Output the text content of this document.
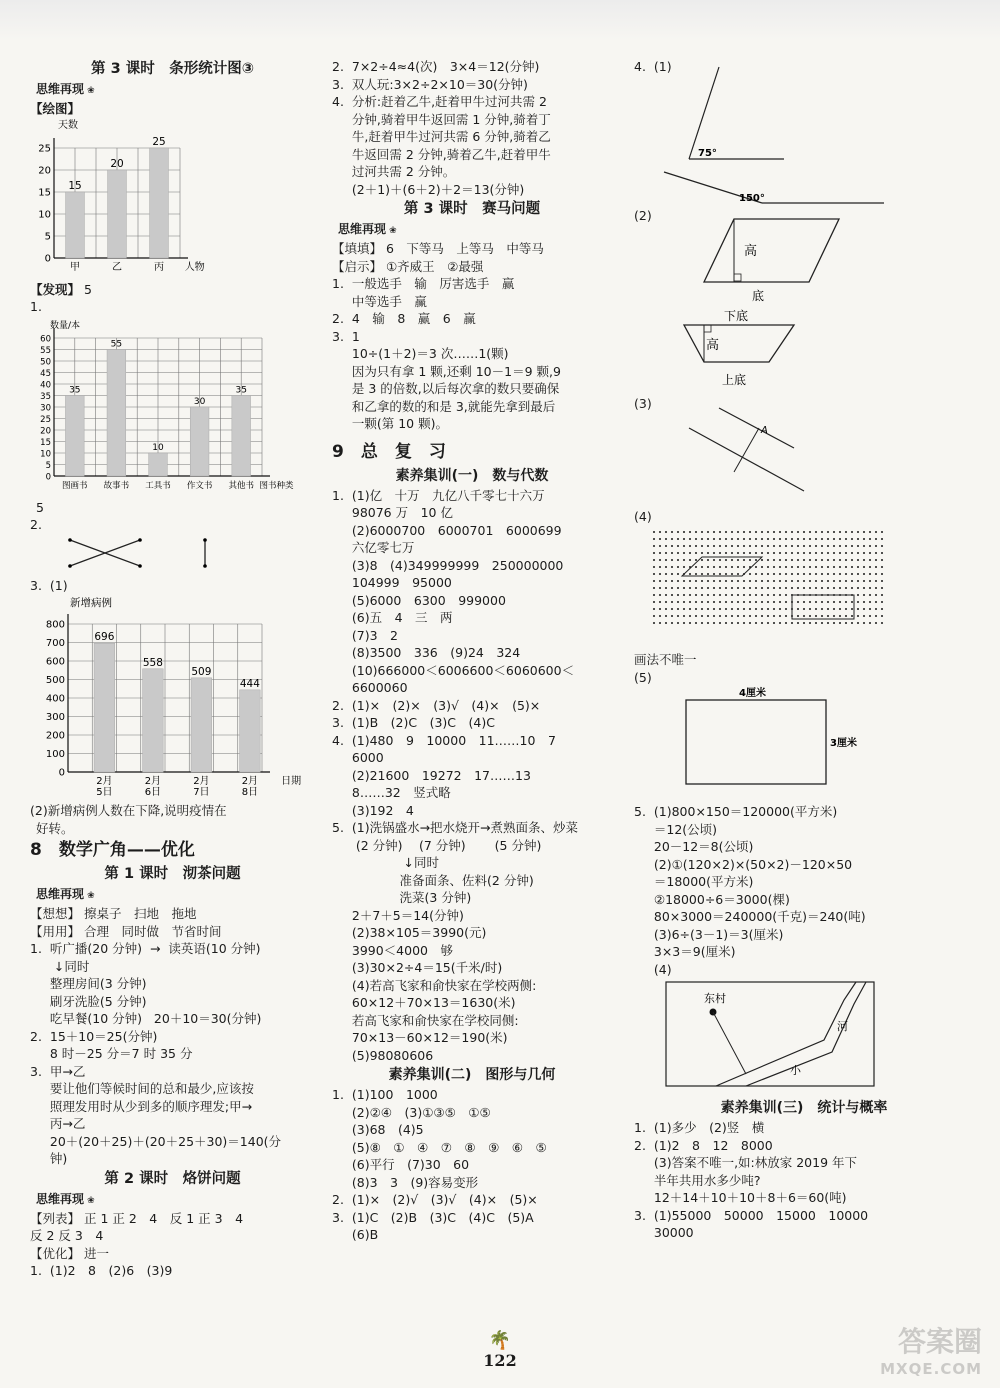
第 3 课时　条形统计图③
思维再现 ❀
【绘图】
天数
25
20
15
10
5
0
15
甲
20
乙
25
丙 人物
【发现】 5
1.
数量/本
60
55
50
45
40
35
30
25
20
15
10
5
0
35
图画书
55
故事书
10
工具书
30
作文书
35
其他书 图书种类
5
2.
3.  (1)
新增病例
800
700
600
500
400
300
200
100
0
696
2月
5日
558
2月
6日
509
2月
7日
444
2月
8日
日期
(2)新增病例人数在下降,说明疫情在
好转。
8　数学广角——优化
第 1 课时　沏茶问题
思维再现 ❀
【想想】 擦桌子　扫地　拖地
【用用】 合理　同时做　节省时间
1.  听广播(20 分钟)  →  读英语(10 分钟)
↓同时
整理房间(3 分钟)
刷牙洗脸(5 分钟)
吃早餐(10 分钟)   20＋10＝30(分钟)
2.  15＋10＝25(分钟)
8 时－25 分＝7 时 35 分
3.  甲→乙
要让他们等候时间的总和最少,应该按
照理发用时从少到多的顺序理发;甲→
丙→乙
20＋(20＋25)＋(20＋25＋30)＝140(分
钟)
第 2 课时　烙饼问题
思维再现 ❀
【列表】 正 1 正 2　4　反 1 正 3　4
反 2 反 3　4
【优化】 进一
1.  (1)2　8　(2)6　(3)9
2.  7×2÷4≈4(次)　3×4＝12(分钟)
3.  双人玩:3×2÷2×10＝30(分钟)
4.  分析:赶着乙牛,赶着甲牛过河共需 2
分钟,骑着甲牛返回需 1 分钟,骑着丁
牛,赶着甲牛过河共需 6 分钟,骑着乙
牛返回需 2 分钟,骑着乙牛,赶着甲牛
过河共需 2 分钟。
(2＋1)＋(6＋2)＋2＝13(分钟)
第 3 课时　赛马问题
思维再现 ❀
【填填】 6　下等马　上等马　中等马
【启示】 ①齐威王　②最强
1.  一般选手　输　厉害选手　赢
中等选手　赢
2.  4　输　8　赢　6　赢
3.  1
10÷(1＋2)＝3 次……1(颗)
因为只有拿 1 颗,还剩 10－1＝9 颗,9
是 3 的倍数,以后每次拿的数只要确保
和乙拿的数的和是 3,就能先拿到最后
一颗(第 10 颗)。
9　总　复　习
素养集训(一)　数与代数
1.  (1)亿　十万　九亿八千零七十六万
98076 万　10 亿
(2)6000700　6000701　6000699
六亿零七万
(3)8　(4)349999999　250000000
104999　95000
(5)6000　6300　999000
(6)五　4　三　两
(7)3　2
(8)3500　336　(9)24　324
(10)666000＜6006600＜6060600＜
6600060
2.  (1)×　(2)×　(3)√　(4)×　(5)×
3.  (1)B　(2)C　(3)C　(4)C
4.  (1)480　9　10000　11……10　7
6000
(2)21600　19272　17……13
8……32　竖式略
(3)192　4
5.  (1)洗锅盛水→把水烧开→煮熟面条、炒菜
(2 分钟)　 (7 分钟)　　 (5 分钟)
↓同时
准备面条、佐料(2 分钟)
洗菜(3 分钟)
2＋7＋5＝14(分钟)
(2)38×105＝3990(元)
3990＜4000　够
(3)30×2÷4＝15(千米/时)
(4)若高飞家和俞快家在学校两侧:
60×12＋70×13＝1630(米)
若高飞家和俞快家在学校同侧:
70×13－60×12＝190(米)
(5)98080606
素养集训(二)　图形与几何
1.  (1)100　1000
(2)②④　(3)①③⑤　①⑤
(3)68　(4)5
(5)⑧　①　④　⑦　⑧　⑨　⑥　⑤
(6)平行　(7)30　60
(8)3　3　(9)容易变形
2.  (1)×　(2)√　(3)√　(4)×　(5)×
3.  (1)C　(2)B　(3)C　(4)C　(5)A
(6)B
4.  (1)
75°
150°
(2)
高
底
下底
高
上底
(3)
A
(4)
画法不唯一
(5)
4厘米
3厘米
5.  (1)800×150＝120000(平方米)
＝12(公顷)
20－12＝8(公顷)
(2)①(120×2)×(50×2)－120×50
＝18000(平方米)
②18000÷6＝3000(棵)
80×3000＝240000(千克)＝240(吨)
(3)6÷(3－1)＝3(厘米)
3×3＝9(厘米)
(4)
东村
河
小
素养集训(三)　统计与概率
1.  (1)多少　(2)竖　横
2.  (1)2　8　12　8000
(3)答案不唯一,如:林放家 2019 年下
半年共用水多少吨?
12＋14＋10＋10＋8＋6＝60(吨)
3.  (1)55000　50000　15000　10000
30000
🌴
122
答案圈
MXQE.COM
